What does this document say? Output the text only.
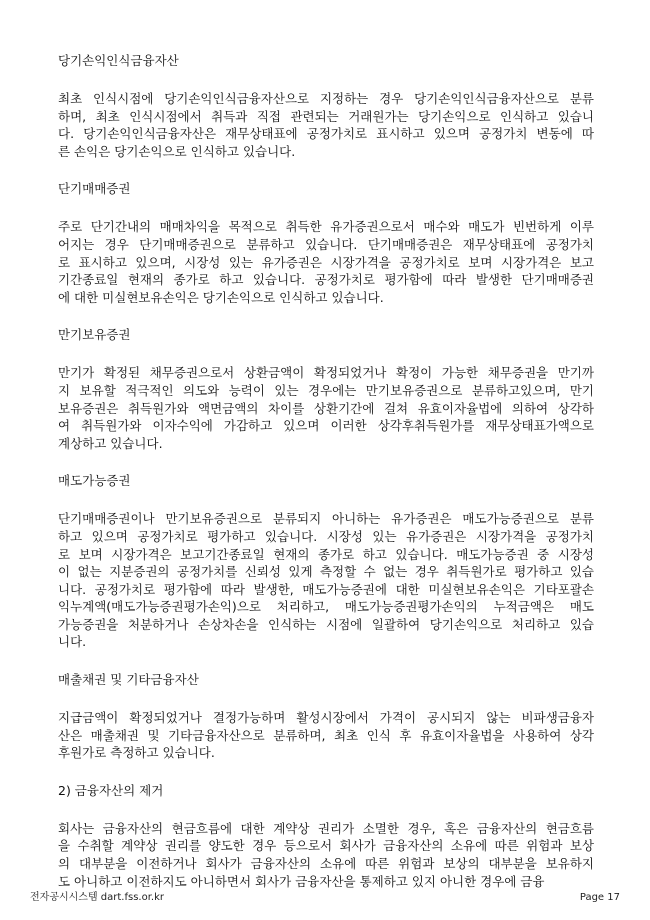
당기손익인식금융자산
최초 인식시점에 당기손익인식금융자산으로 지정하는 경우 당기손익인식금융자산으로 분류
하며, 최초 인식시점에서 취득과 직접 관련되는 거래원가는 당기손익으로 인식하고 있습니
다. 당기손익인식금융자산은 재무상태표에 공정가치로 표시하고 있으며 공정가치 변동에 따
른 손익은 당기손익으로 인식하고 있습니다.
단기매매증권
주로 단기간내의 매매차익을 목적으로 취득한 유가증권으로서 매수와 매도가 빈번하게 이루
어지는 경우 단기매매증권으로 분류하고 있습니다. 단기매매증권은 재무상태표에 공정가치
로 표시하고 있으며, 시장성 있는 유가증권은 시장가격을 공정가치로 보며 시장가격은 보고
기간종료일 현재의 종가로 하고 있습니다. 공정가치로 평가함에 따라 발생한 단기매매증권
에 대한 미실현보유손익은 당기손익으로 인식하고 있습니다.
만기보유증권
만기가 확정된 채무증권으로서 상환금액이 확정되었거나 확정이 가능한 채무증권을 만기까
지 보유할 적극적인 의도와 능력이 있는 경우에는 만기보유증권으로 분류하고있으며, 만기
보유증권은 취득원가와 액면금액의 차이를 상환기간에 걸쳐 유효이자율법에 의하여 상각하
여 취득원가와 이자수익에 가감하고 있으며 이러한 상각후취득원가를 재무상태표가액으로
계상하고 있습니다.
매도가능증권
단기매매증권이나 만기보유증권으로 분류되지 아니하는 유가증권은 매도가능증권으로 분류
하고 있으며 공정가치로 평가하고 있습니다. 시장성 있는 유가증권은 시장가격을 공정가치
로 보며 시장가격은 보고기간종료일 현재의 종가로 하고 있습니다. 매도가능증권 중 시장성
이 없는 지분증권의 공정가치를 신뢰성 있게 측정할 수 없는 경우 취득원가로 평가하고 있습
니다. 공정가치로 평가함에 따라 발생한, 매도가능증권에 대한 미실현보유손익은 기타포괄손
익누계액(매도가능증권평가손익)으로 처리하고, 매도가능증권평가손익의 누적금액은 매도
가능증권을 처분하거나 손상차손을 인식하는 시점에 일괄하여 당기손익으로 처리하고 있습
니다.
매출채권 및 기타금융자산
지급금액이 확정되었거나 결정가능하며 활성시장에서 가격이 공시되지 않는 비파생금융자
산은 매출채권 및 기타금융자산으로 분류하며, 최초 인식 후 유효이자율법을 사용하여 상각
후원가로 측정하고 있습니다.
2) 금융자산의 제거
회사는 금융자산의 현금흐름에 대한 계약상 권리가 소멸한 경우, 혹은 금융자산의 현금흐름
을 수취할 계약상 권리를 양도한 경우 등으로서 회사가 금융자산의 소유에 따른 위험과 보상
의 대부분을 이전하거나 회사가 금융자산의 소유에 따른 위험과 보상의 대부분을 보유하지
도 아니하고 이전하지도 아니하면서 회사가 금융자산을 통제하고 있지 아니한 경우에 금융
전자공시시스템 dart.fss.or.kr	Page 17
